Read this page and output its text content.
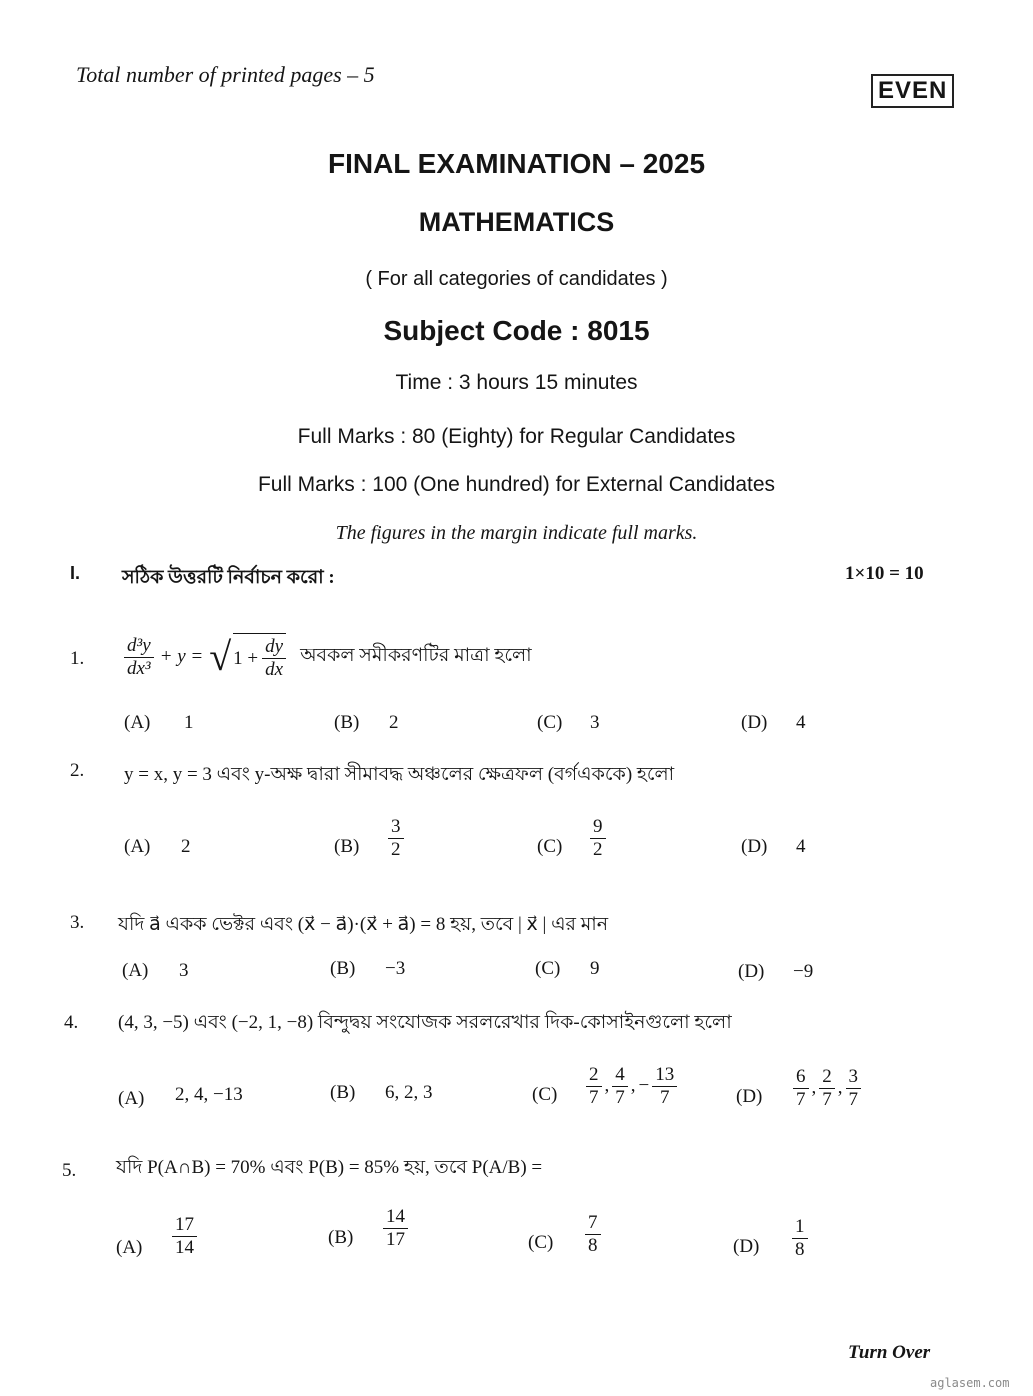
Total number of printed pages – 5
EVEN
FINAL EXAMINATION – 2025
MATHEMATICS
( For all categories of candidates )
Subject Code : 8015
Time : 3 hours 15 minutes
Full Marks : 80 (Eighty) for Regular Candidates
Full Marks : 100 (One hundred) for External Candidates
The figures in the margin indicate full marks.
I. সঠিক উত্তরটি নির্বাচন করো :	1×10 = 10
1. $\frac{\text{d³y}}{\text{dx³}} + y$ = √ $1 + \frac{dy}{dx}$ অবকল সমীকরণটির মাত্রা হলো
(A) 1	(B) 2	(C) 3	(D) 4
2. y = x, y = 3 এবং y-অক্ষ দ্বারা সীমাবদ্ধ অঞ্চলের ক্ষেত্রফল (বর্গএককে) হলো
(A) 2	$(B) \frac{3}{2}$	$(C) \frac{9}{2}$	(D) 4
3. যদি a⃗ একক ভেক্টর এবং (x⃗ − a⃗)·(x⃗ + a⃗) = 8 হয়, তবে | x⃗ | এর মান
(A) 3	(B) −3	(C) 9	(D) −9
4. (4, 3, −5) এবং (−2, 1, −8) বিন্দুদ্বয় সংযোজক সরলরেখার দিক-কোসাইনগুলো হলো
(A) 2, 4, −13	(B) 6, 2, 3	$(C) \frac{2}{7}$ , $\frac{4}{7}$ , − $\frac{13}{7}$	$(D) \frac{6}{7}$ , $\frac{2}{7}$ , $\frac{3}{7}$
5. যদি P(A∩B) = 70% এবং P(B) = 85% হয়, তবে P(A/B) =
$(A) \frac{17}{14}$	$(B) \frac{14}{17}$	$(C) \frac{7}{8}$	$(D) \frac{1}{8}$
Turn Over
aglasem.com
